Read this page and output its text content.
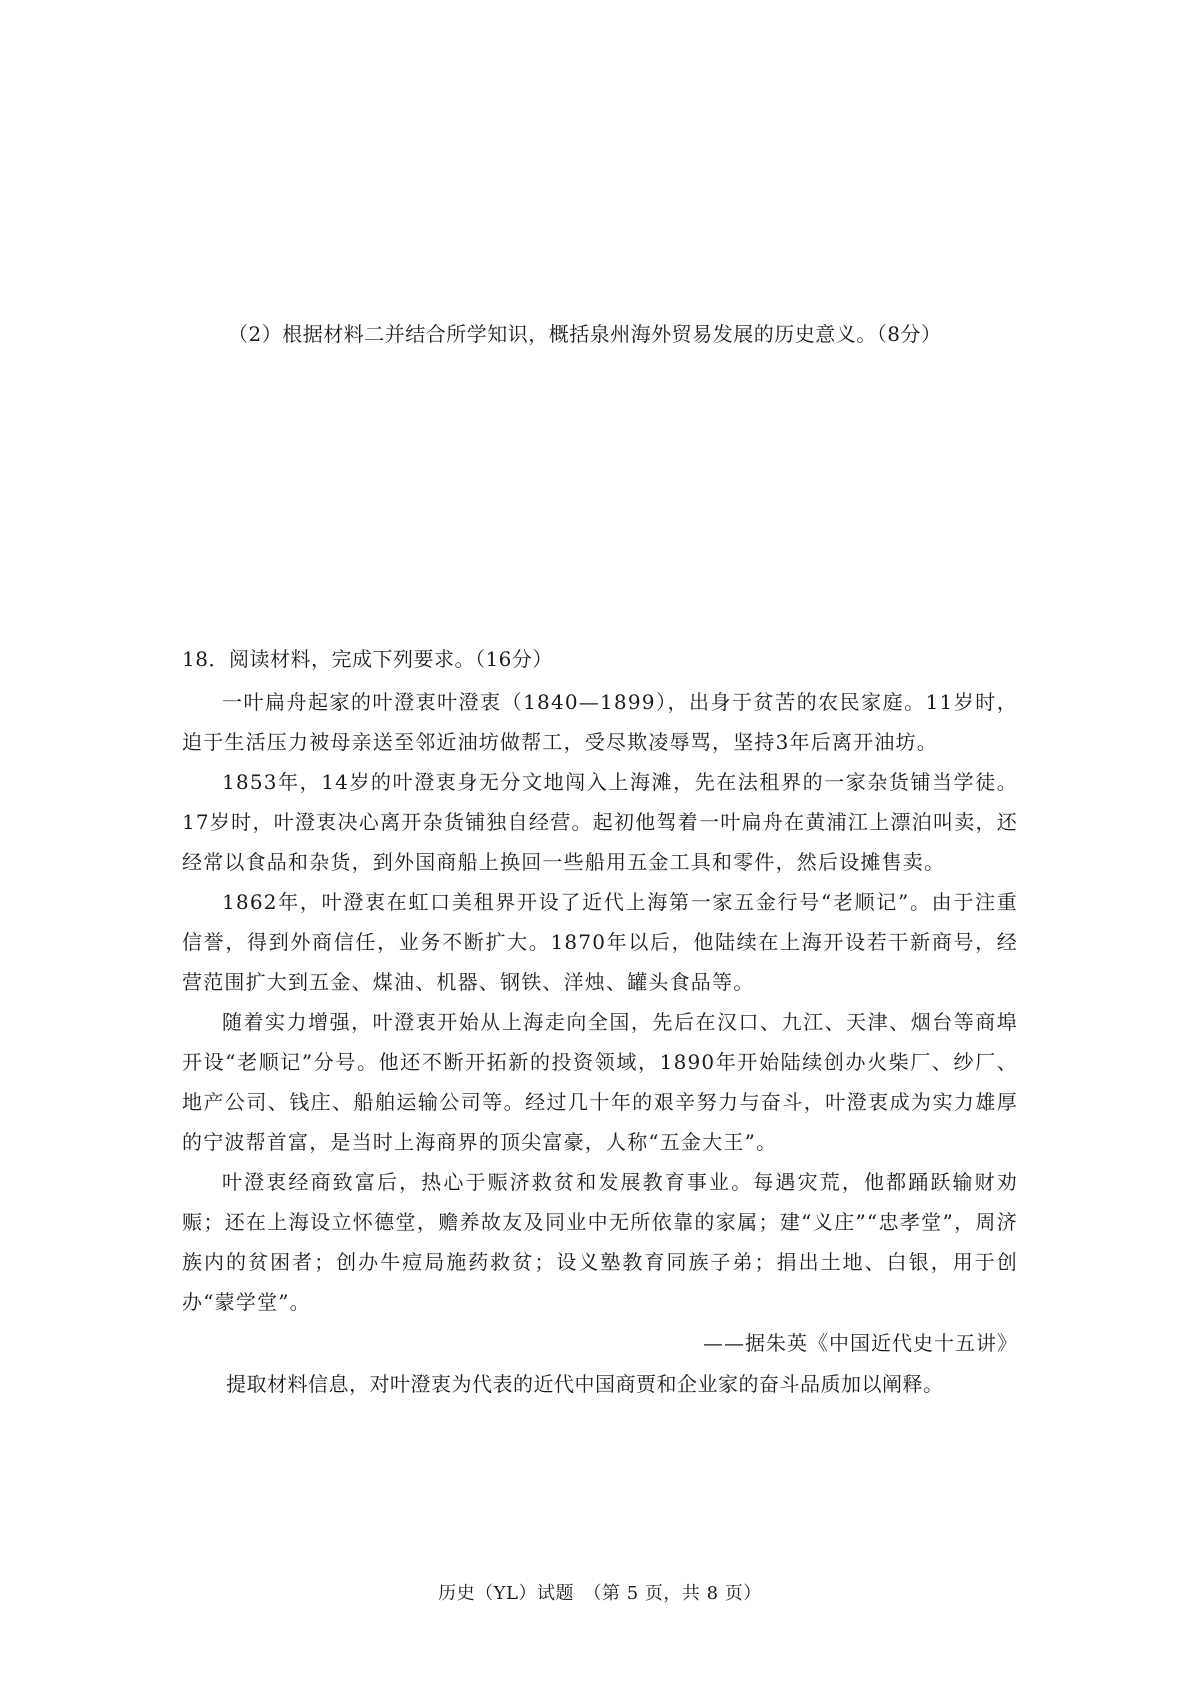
（2）根据材料二并结合所学知识，概括泉州海外贸易发展的历史意义。（8分）
18．阅读材料，完成下列要求。（16分）

一叶扁舟起家的叶澄衷叶澄衷（1840—1899），出身于贫苦的农民家庭。11岁时，迫于生活压力被母亲送至邻近油坊做帮工，受尽欺凌辱骂，坚持3年后离开油坊。

1853年，14岁的叶澄衷身无分文地闯入上海滩，先在法租界的一家杂货铺当学徒。17岁时，叶澄衷决心离开杂货铺独自经营。起初他驾着一叶扁舟在黄浦江上漂泊叫卖，还经常以食品和杂货，到外国商船上换回一些船用五金工具和零件，然后设摊售卖。

1862年，叶澄衷在虹口美租界开设了近代上海第一家五金行号“老顺记”。由于注重信誉，得到外商信任，业务不断扩大。1870年以后，他陆续在上海开设若干新商号，经营范围扩大到五金、煤油、机器、钢铁、洋烛、罐头食品等。

随着实力增强，叶澄衷开始从上海走向全国，先后在汉口、九江、天津、烟台等商埠开设“老顺记”分号。他还不断开拓新的投资领域，1890年开始陆续创办火柴厂、纱厂、地产公司、钱庄、船舶运输公司等。经过几十年的艰辛努力与奋斗，叶澄衷成为实力雄厚的宁波帮首富，是当时上海商界的顶尖富豪，人称“五金大王”。

叶澄衷经商致富后，热心于赈济救贫和发展教育事业。每遇灾荒，他都踊跃输财劝赈；还在上海设立怀德堂，赡养故友及同业中无所依靠的家属；建“义庄”“忠孝堂”，周济族内的贫困者；创办牛痘局施药救贫；设义塾教育同族子弟；捐出土地、白银，用于创办“蒙学堂”。

——据朱英《中国近代史十五讲》
提取材料信息，对叶澄衷为代表的近代中国商贾和企业家的奋斗品质加以阐释。
历史（YL）试题　（第 5 页，共 8 页）
